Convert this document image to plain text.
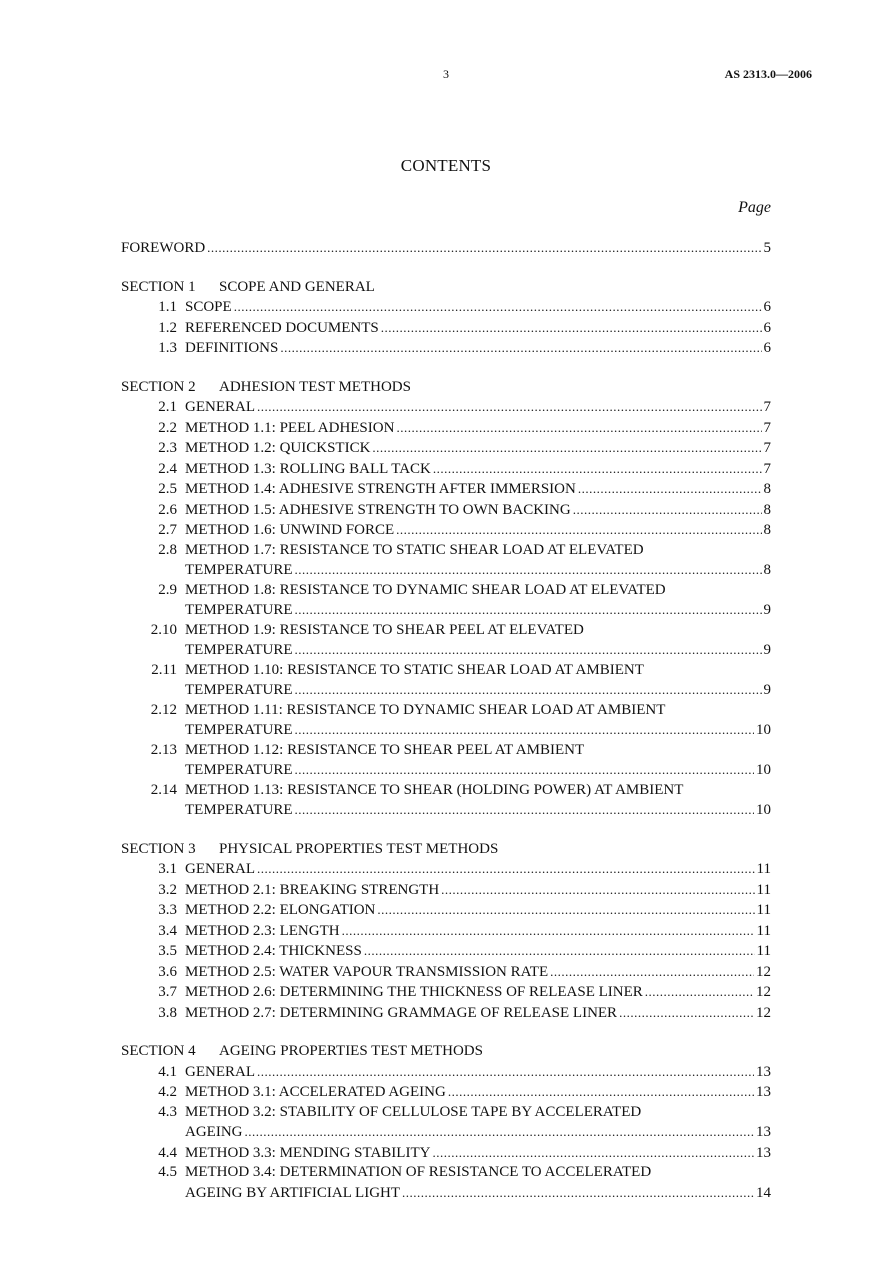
3	AS 2313.0—2006
CONTENTS
Page
FOREWORD .....	5
SECTION 1	SCOPE AND GENERAL
1.1 SCOPE .....	6
1.2 REFERENCED DOCUMENTS .....	6
1.3 DEFINITIONS .....	6
SECTION 2	ADHESION TEST METHODS
2.1 GENERAL .....	7
2.2 METHOD 1.1: PEEL ADHESION .....	7
2.3 METHOD 1.2: QUICKSTICK .....	7
2.4 METHOD 1.3: ROLLING BALL TACK .....	7
2.5 METHOD 1.4: ADHESIVE STRENGTH AFTER IMMERSION .....	8
2.6 METHOD 1.5: ADHESIVE STRENGTH TO OWN BACKING .....	8
2.7 METHOD 1.6: UNWIND FORCE .....	8
2.8 METHOD 1.7: RESISTANCE TO STATIC SHEAR LOAD AT ELEVATED
TEMPERATURE .....	8
2.9 METHOD 1.8: RESISTANCE TO DYNAMIC SHEAR LOAD AT ELEVATED
TEMPERATURE .....	9
2.10 METHOD 1.9: RESISTANCE TO SHEAR PEEL AT ELEVATED
TEMPERATURE .....	9
2.11 METHOD 1.10: RESISTANCE TO STATIC SHEAR LOAD AT AMBIENT
TEMPERATURE .....	9
2.12 METHOD 1.11: RESISTANCE TO DYNAMIC SHEAR LOAD AT AMBIENT
TEMPERATURE .....	10
2.13 METHOD 1.12: RESISTANCE TO SHEAR PEEL AT AMBIENT
TEMPERATURE .....	10
2.14 METHOD 1.13: RESISTANCE TO SHEAR (HOLDING POWER) AT AMBIENT
TEMPERATURE .....	10
SECTION 3	PHYSICAL PROPERTIES TEST METHODS
3.1 GENERAL .....	11
3.2 METHOD 2.1: BREAKING STRENGTH .....	11
3.3 METHOD 2.2: ELONGATION .....	11
3.4 METHOD 2.3: LENGTH .....	11
3.5 METHOD 2.4: THICKNESS .....	11
3.6 METHOD 2.5: WATER VAPOUR TRANSMISSION RATE .....	12
3.7 METHOD 2.6: DETERMINING THE THICKNESS OF RELEASE LINER .....	12
3.8 METHOD 2.7: DETERMINING GRAMMAGE OF RELEASE LINER .....	12
SECTION 4	AGEING PROPERTIES TEST METHODS
4.1 GENERAL .....	13
4.2 METHOD 3.1: ACCELERATED AGEING .....	13
4.3 METHOD 3.2: STABILITY OF CELLULOSE TAPE BY ACCELERATED
AGEING .....	13
4.4 METHOD 3.3: MENDING STABILITY .....	13
4.5 METHOD 3.4: DETERMINATION OF RESISTANCE TO ACCELERATED
AGEING BY ARTIFICIAL LIGHT .....	14
